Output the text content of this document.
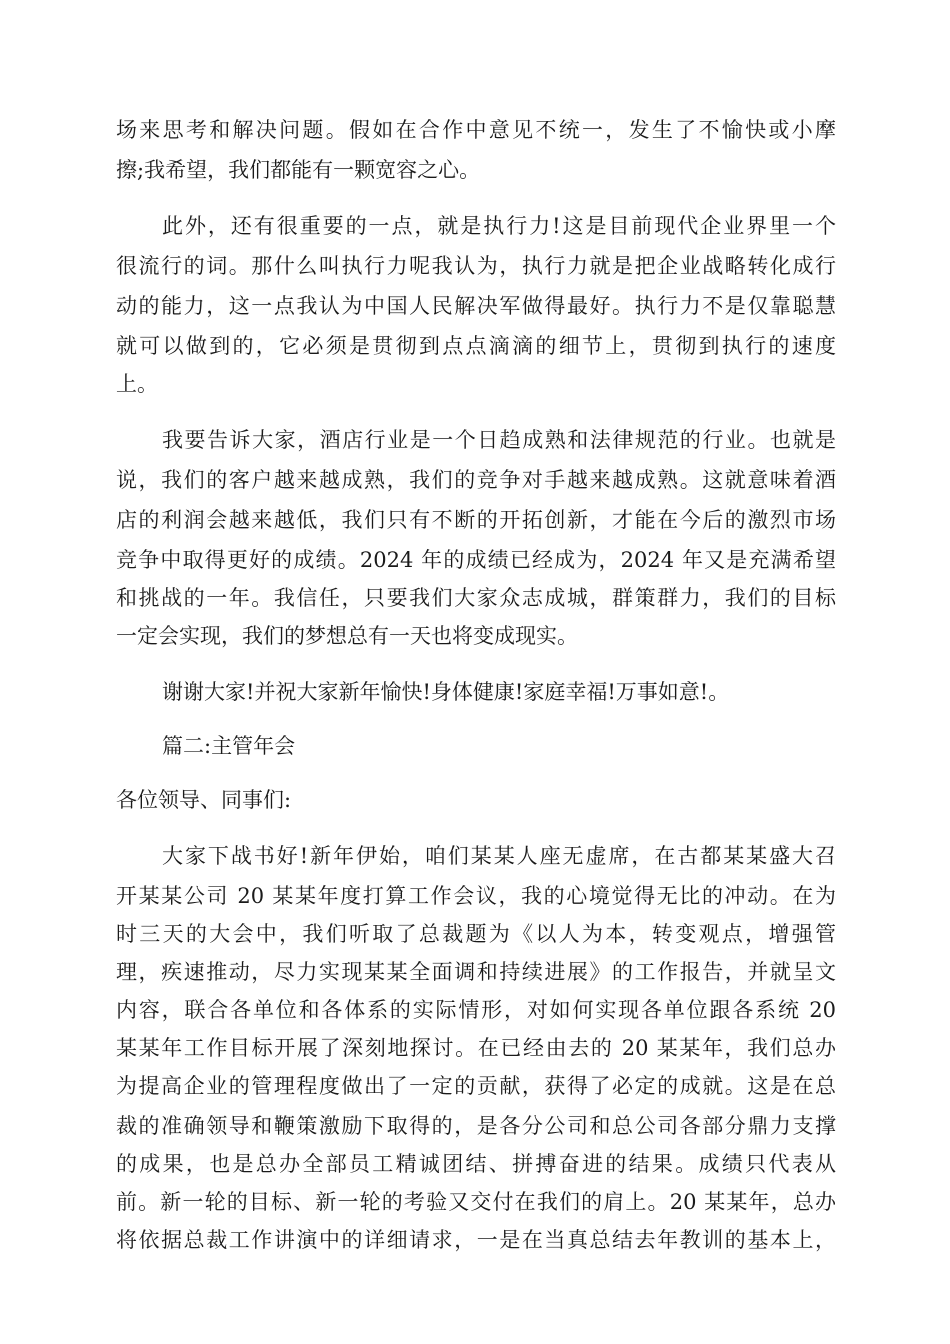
场来思考和解决问题。假如在合作中意见不统一，发生了不愉快或小摩
擦;我希望，我们都能有一颗宽容之心。
此外，还有很重要的一点，就是执行力!这是目前现代企业界里一个
很流行的词。那什么叫执行力呢我认为，执行力就是把企业战略转化成行
动的能力，这一点我认为中国人民解决军做得最好。执行力不是仅靠聪慧
就可以做到的，它必须是贯彻到点点滴滴的细节上，贯彻到执行的速度
上。
我要告诉大家，酒店行业是一个日趋成熟和法律规范的行业。也就是
说，我们的客户越来越成熟，我们的竞争对手越来越成熟。这就意味着酒
店的利润会越来越低，我们只有不断的开拓创新，才能在今后的激烈市场
竞争中取得更好的成绩。2024 年的成绩已经成为，2024 年又是充满希望
和挑战的一年。我信任，只要我们大家众志成城，群策群力，我们的目标
一定会实现，我们的梦想总有一天也将变成现实。
谢谢大家!并祝大家新年愉快!身体健康!家庭幸福!万事如意!。
篇二:主管年会
各位领导、同事们:
大家下战书好!新年伊始，咱们某某人座无虚席，在古都某某盛大召
开某某公司 20 某某年度打算工作会议，我的心境觉得无比的冲动。在为
时三天的大会中，我们听取了总裁题为《以人为本，转变观点，增强管
理，疾速推动，尽力实现某某全面调和持续进展》的工作报告，并就呈文
内容，联合各单位和各体系的实际情形，对如何实现各单位跟各系统 20
某某年工作目标开展了深刻地探讨。在已经由去的 20 某某年，我们总办
为提高企业的管理程度做出了一定的贡献，获得了必定的成就。这是在总
裁的准确领导和鞭策激励下取得的，是各分公司和总公司各部分鼎力支撑
的成果，也是总办全部员工精诚团结、拼搏奋进的结果。成绩只代表从
前。新一轮的目标、新一轮的考验又交付在我们的肩上。20 某某年，总办
将依据总裁工作讲演中的详细请求，一是在当真总结去年教训的基本上，
